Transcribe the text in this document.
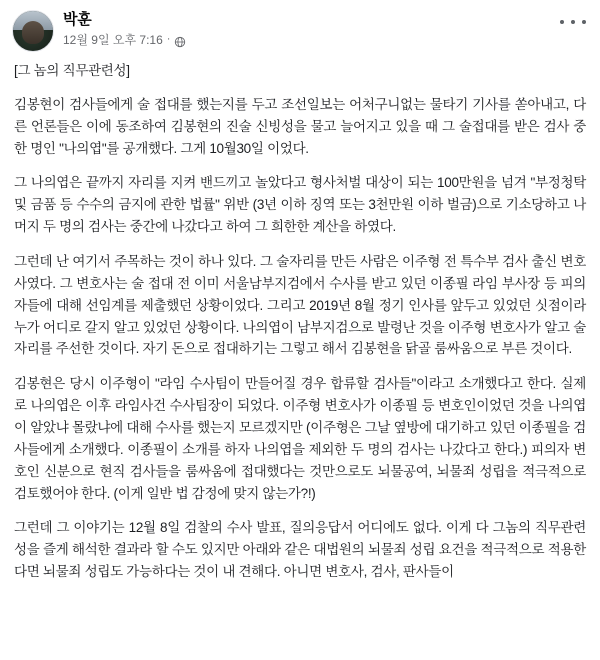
박훈
12월 9일 오후 7:16 ·

[그 놈의 직무관련성]

김봉현이 검사들에게 술 접대를 했는지를 두고 조선일보는 어처구니없는 물타기 기사를 쏟아내고, 다른 언론들은 이에 동조하여 김봉현의 진술 신빙성을 물고 늘어지고 있을 때 그 술접대를 받은 검사 중 한 명인 "나의엽"를 공개했다. 그게 10월30일 이었다.

그 나의엽은 끝까지 자리를 지켜 밴드끼고 놀았다고 형사처벌 대상이 되는 100만원을 넘겨 "부정청탁 및 금품 등 수수의 금지에 관한 법률" 위반 (3년 이하 징역 또는 3천만원 이하 벌금)으로 기소당하고 나머지 두 명의 검사는 중간에 나갔다고 하여 그 희한한 계산을 하였다.

그런데 난 여기서 주목하는 것이 하나 있다. 그 술자리를 만든 사람은 이주형 전 특수부 검사 출신 변호사였다. 그 변호사는 술 접대 전 이미 서울남부지검에서 수사를 받고 있던 이종필 라임 부사장 등 피의자들에 대해 선임계를 제출했던 상황이었다. 그리고 2019년 8월 정기 인사를 앞두고 있었던 싯점이라 누가 어디로 갈지 알고 있었던 상황이다. 나의엽이 남부지검으로 발령난 것을 이주형 변호사가 알고 술자리를 주선한 것이다. 자기 돈으로 접대하기는 그렇고 해서 김봉현을 닭골 룸싸움으로 부른 것이다.

김봉현은 당시 이주형이 "라임 수사팀이 만들어질 경우 합류할 검사들"이라고 소개했다고 한다. 실제로 나의엽은 이후 라임사건 수사팀장이 되었다. 이주형 변호사가 이종필 등 변호인이었던 것을 나의엽이 알았냐 몰랐냐에 대해 수사를 했는지 모르겠지만 (이주형은 그날 옆방에 대기하고 있던 이종필을 검사들에게 소개했다. 이종필이 소개를 하자 나의엽을 제외한 두 명의 검사는 나갔다고 한다.) 피의자 변호인 신분으로 현직 검사들을 룸싸움에 접대했다는 것만으로도 뇌물공여, 뇌물죄 성립을 적극적으로 검토했어야 한다. (이게 일반 법 감정에 맞지 않는가?!)

그런데 그 이야기는 12월 8일 검찰의 수사 발표, 질의응답서 어디에도 없다. 이게 다 그놈의 직무관련성을 즐게 해석한 결과라 할 수도 있지만 아래와 같은 대법원의 뇌물죄 성립 요건을 적극적으로 적용한다면 뇌물죄 성립도 가능하다는 것이 내 견해다. 아니면 변호사, 검사, 판사들이
